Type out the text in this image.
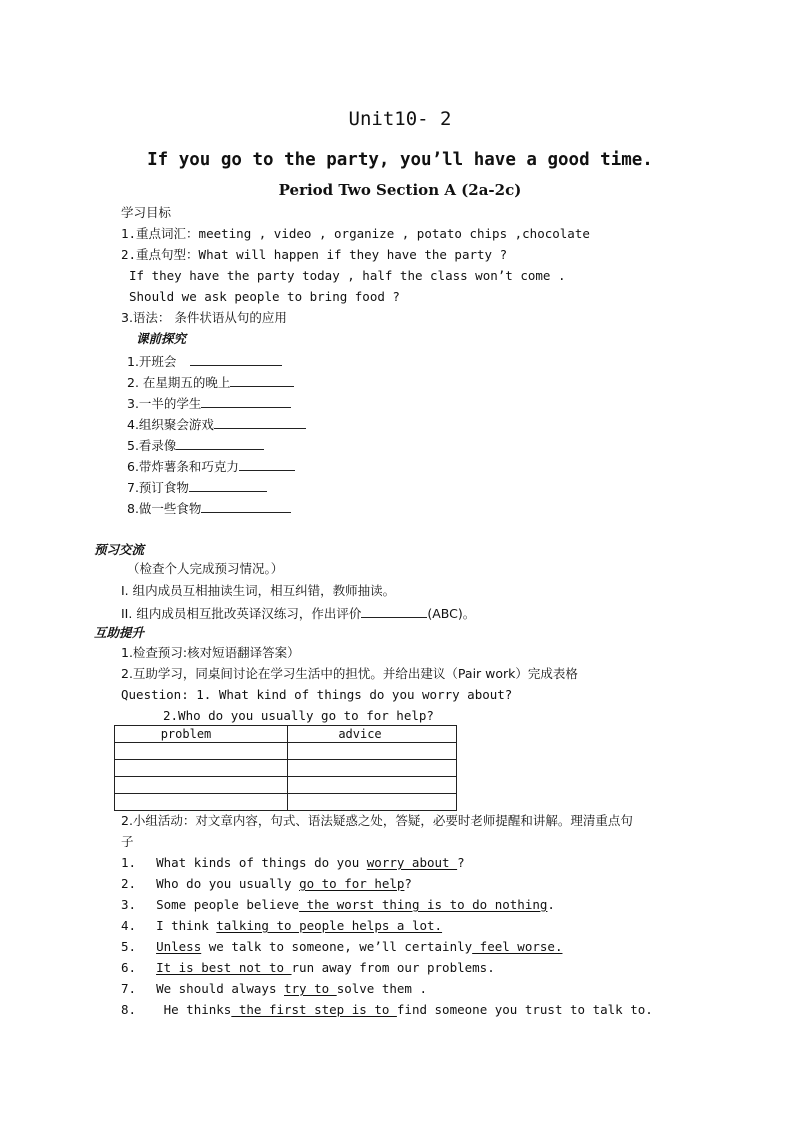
Unit10- 2
If you go to the party, you’ll have a good time.
Period Two Section A (2a-2c)
学习目标
1.重点词汇：meeting , video , organize , potato chips ,chocolate
2.重点句型：What will happen if they have the party ?
If they have the party today , half the class won’t come .
Should we ask people to bring food ?
3.语法： 条件状语从句的应用
课前探究
1.开班会
2. 在星期五的晚上
3.一半的学生
4.组织聚会游戏
5.看录像
6.带炸薯条和巧克力
7.预订食物
8.做一些食物
预习交流
（检查个人完成预习情况。）
I. 组内成员互相抽读生词，相互纠错，教师抽读。
II. 组内成员相互批改英译汉练习，作出评价	(ABC)。
互助提升
1.检查预习:核对短语翻译答案）
2.互助学习，同桌间讨论在学习生活中的担忧。并给出建议（Pair work）完成表格
Question: 1. What kind of things do you worry about?
2.Who do you usually go to for help?
problem	advice

2.小组活动：对文章内容，句式、语法疑惑之处，答疑，必要时老师提醒和讲解。理清重点句
子
1. What kinds of things do you worry about ?
2. Who do you usually go to for help?
3. Some people believe the worst thing is to do nothing.
4. I think talking to people helps a lot.
5. Unless we talk to someone, we’ll certainly feel worse.
6. It is best not to run away from our problems.
7. We should always try to solve them .
8. He thinks the first step is to find someone you trust to talk to.
